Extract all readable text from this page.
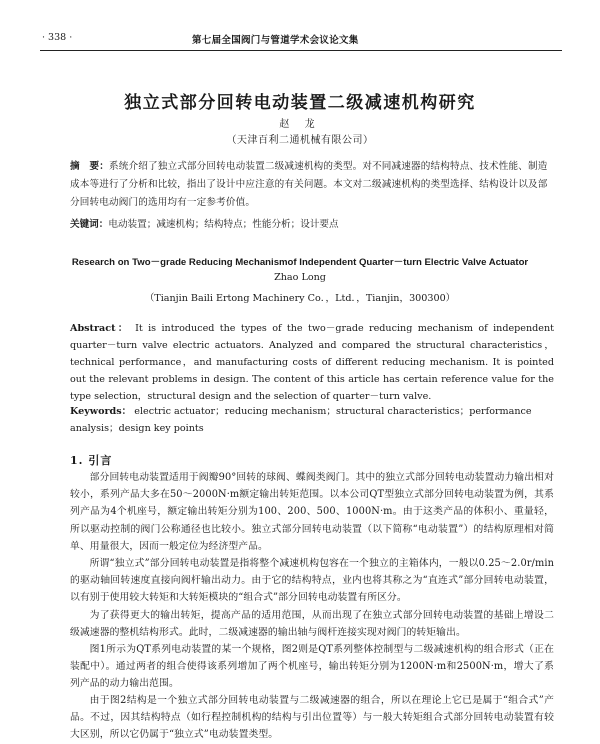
· 338 ·	第七届全国阀门与管道学术会议论文集
独立式部分回转电动装置二级减速机构研究
赵 龙
（天津百利二通机械有限公司）
摘　要：系统介绍了独立式部分回转电动装置二级减速机构的类型。对不同减速器的结构特点、技术性能、制造成本等进行了分析和比较，指出了设计中应注意的有关问题。本文对二级减速机构的类型选择、结构设计以及部分回转电动阀门的选用均有一定参考价值。
关键词：电动装置；减速机构；结构特点；性能分析；设计要点
Research on Two－grade Reducing Mechanismof Independent Quarter－turn Electric Valve Actuator
Zhao Long
（Tianjin Baili Ertong Machinery Co．，Ltd．，Tianjin，300300）
Abstract： It is introduced the types of the two－grade reducing mechanism of independent quarter－turn valve electric actuators. Analyzed and compared the structural characteristics，technical performance，and manufacturing costs of different reducing mechanism. It is pointed out the relevant problems in design. The content of this article has certain reference value for the type selection，structural design and the selection of quarter－turn valve.
Keywords： electric actuator；reducing mechanism；structural characteristics；performance analysis；design key points
1. 引言
部分回转电动装置适用于阀瓣90°回转的球阀、蝶阀类阀门。其中的独立式部分回转电动装置动力输出相对较小，系列产品大多在50～2000N·m额定输出转矩范围。以本公司QT型独立式部分回转电动装置为例，其系列产品为4个机座号，额定输出转矩分别为100、200、500、1000N·m。由于这类产品的体积小、重量轻，所以驱动控制的阀门公称通径也比较小。独立式部分回转电动装置（以下简称“电动装置”）的结构原理相对简单、用量很大，因而一般定位为经济型产品。
所谓“独立式”部分回转电动装置是指将整个减速机构包容在一个独立的主箱体内，一般以0.25～2.0r/min的驱动轴回转速度直接向阀杆输出动力。由于它的结构特点，业内也将其称之为“直连式”部分回转电动装置，以有别于使用较大转矩和大转矩模块的“组合式”部分回转电动装置有所区分。
为了获得更大的输出转矩，提高产品的适用范围，从而出现了在独立式部分回转电动装置的基础上增设二级减速器的整机结构形式。此时，二级减速器的输出轴与阀杆连接实现对阀门的转矩输出。
图1所示为QT系列电动装置的某一个规格，图2则是QT系列整体控制型与二级减速机构的组合形式（正在装配中）。通过两者的组合使得该系列增加了两个机座号，输出转矩分别为1200N·m和2500N·m，增大了系列产品的动力输出范围。
由于图2结构是一个独立式部分回转电动装置与二级减速器的组合，所以在理论上它已是属于“组合式”产品。不过，因其结构特点（如行程控制机构的结构与引出位置等）与一般大转矩组合式部分回转电动装置有较大区别，所以它仍属于“独立式”电动装置类型。
